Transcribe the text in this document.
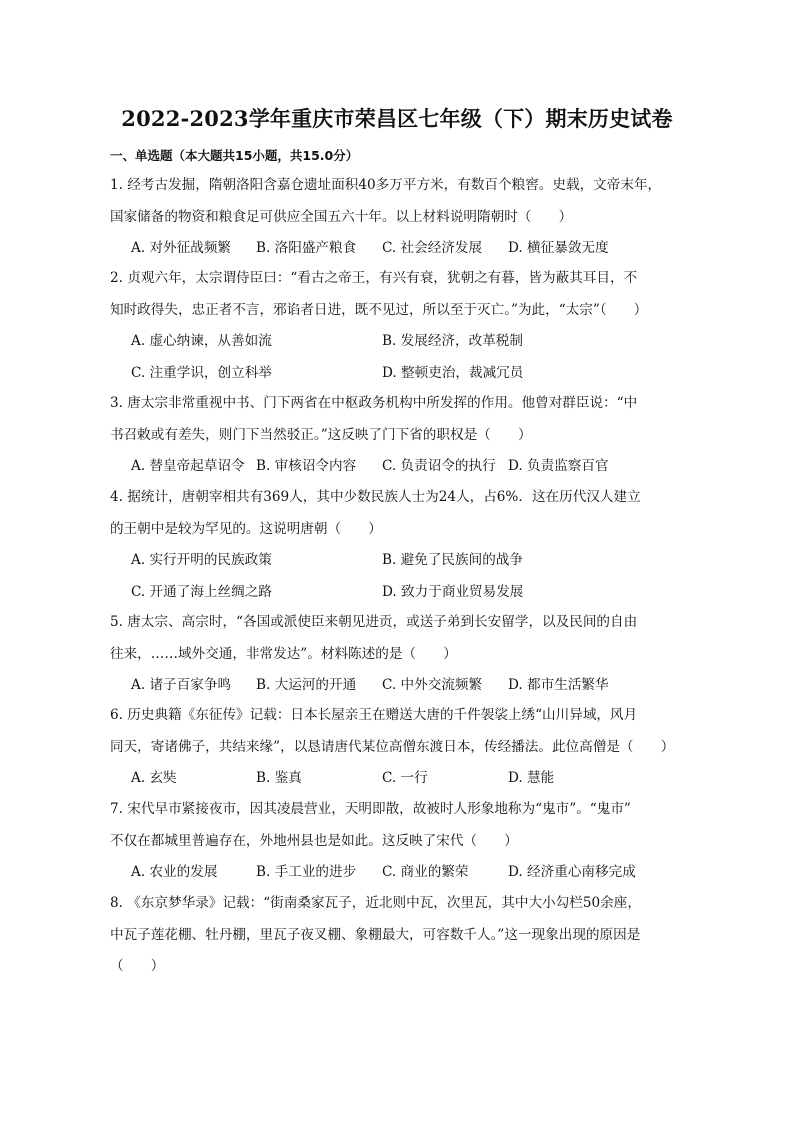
2022-2023学年重庆市荣昌区七年级（下）期末历史试卷
一、单选题（本大题共15小题，共15.0分）
1. 经考古发掘，隋朝洛阳含嘉仓遗址面积40多万平方米，有数百个粮窖。史载，文帝末年，
国家储备的物资和粮食足可供应全国五六十年。以上材料说明隋朝时（　　）
A. 对外征战频繁 B. 洛阳盛产粮食 C. 社会经济发展 D. 横征暴敛无度
2. 贞观六年，太宗谓侍臣曰：“看古之帝王，有兴有衰，犹朝之有暮，皆为蔽其耳目，不
知时政得失，忠正者不言，邪谄者日进，既不见过，所以至于灭亡。”为此，“太宗”（　　）
A. 虚心纳谏，从善如流	B. 发展经济，改革税制
C. 注重学识，创立科举	D. 整顿吏治，裁减冗员
3. 唐太宗非常重视中书、门下两省在中枢政务机构中所发挥的作用。他曾对群臣说：“中
书召敕或有差失，则门下当然驳正。”这反映了门下省的职权是（　　）
A. 替皇帝起草诏令 B. 审核诏令内容 C. 负责诏令的执行 D. 负责监察百官
4. 据统计，唐朝宰相共有369人，其中少数民族人士为24人，占6%．这在历代汉人建立
的王朝中是较为罕见的。这说明唐朝（　　）
A. 实行开明的民族政策	B. 避免了民族间的战争
C. 开通了海上丝绸之路	D. 致力于商业贸易发展
5. 唐太宗、高宗时，“各国或派使臣来朝见进贡，或送子弟到长安留学，以及民间的自由
往来，……域外交通，非常发达”。材料陈述的是（　　）
A. 诸子百家争鸣 B. 大运河的开通 C. 中外交流频繁 D. 都市生活繁华
6. 历史典籍《东征传》记载：日本长屋亲王在赠送大唐的千件袈裟上绣“山川异域，风月
同天，寄诸佛子，共结来缘”，以恳请唐代某位高僧东渡日本，传经播法。此位高僧是（　　）
A. 玄奘	B. 鉴真	C. 一行	D. 慧能
7. 宋代早市紧接夜市，因其凌晨营业，天明即散，故被时人形象地称为“鬼市”。“鬼市”
不仅在都城里普遍存在，外地州县也是如此。这反映了宋代（　　）
A. 农业的发展	B. 手工业的进步 C. 商业的繁荣	D. 经济重心南移完成
8. 《东京梦华录》记载：“街南桑家瓦子，近北则中瓦，次里瓦，其中大小勾栏50余座，
中瓦子莲花棚、牡丹棚，里瓦子夜叉棚、象棚最大，可容数千人。”这一现象出现的原因是
（　　）
